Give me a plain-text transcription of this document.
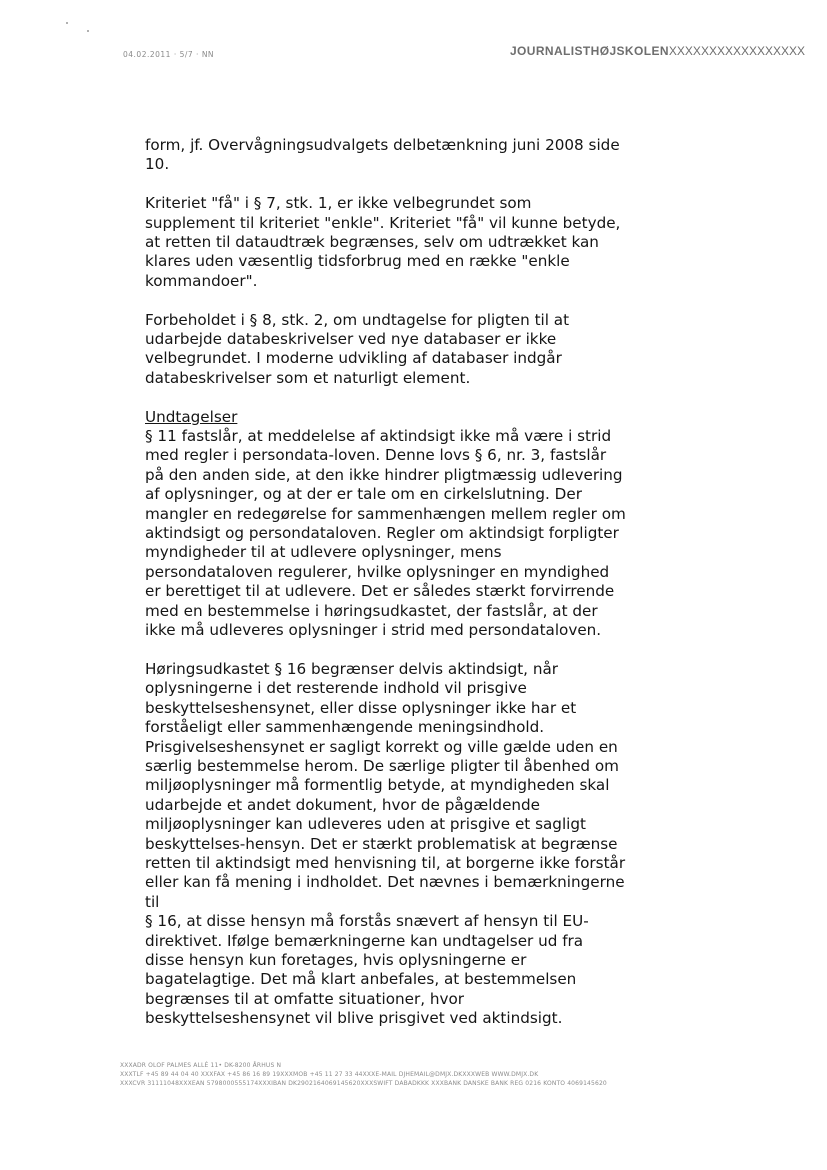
04.02.2011 · 5/7 · NN	JOURNALISTHØJSKOLENXXXXXXXXXXXXXXXXX
form, jf. Overvågningsudvalgets delbetænkning juni 2008 side
10.
Kriteriet "få" i § 7, stk. 1, er ikke velbegrundet som
supplement til kriteriet "enkle". Kriteriet "få" vil kunne betyde,
at retten til dataudtræk begrænses, selv om udtrækket kan
klares uden væsentlig tidsforbrug med en række "enkle
kommandoer".
Forbeholdet i § 8, stk. 2, om undtagelse for pligten til at
udarbejde databeskrivelser ved nye databaser er ikke
velbegrundet. I moderne udvikling af databaser indgår
databeskrivelser som et naturligt element.
Undtagelser
§ 11 fastslår, at meddelelse af aktindsigt ikke må være i strid
med regler i persondata-loven. Denne lovs § 6, nr. 3, fastslår
på den anden side, at den ikke hindrer pligtmæssig udlevering
af oplysninger, og at der er tale om en cirkelslutning. Der
mangler en redegørelse for sammenhængen mellem regler om
aktindsigt og persondataloven. Regler om aktindsigt forpligter
myndigheder til at udlevere oplysninger, mens
persondataloven regulerer, hvilke oplysninger en myndighed
er berettiget til at udlevere. Det er således stærkt forvirrende
med en bestemmelse i høringsudkastet, der fastslår, at der
ikke må udleveres oplysninger i strid med persondataloven.
Høringsudkastet § 16 begrænser delvis aktindsigt, når
oplysningerne i det resterende indhold vil prisgive
beskyttelseshensynet, eller disse oplysninger ikke har et
forståeligt eller sammenhængende meningsindhold.
Prisgivelseshensynet er sagligt korrekt og ville gælde uden en
særlig bestemmelse herom. De særlige pligter til åbenhed om
miljøoplysninger må formentlig betyde, at myndigheden skal
udarbejde et andet dokument, hvor de pågældende
miljøoplysninger kan udleveres uden at prisgive et sagligt
beskyttelses-hensyn. Det er stærkt problematisk at begrænse
retten til aktindsigt med henvisning til, at borgerne ikke forstår
eller kan få mening i indholdet. Det nævnes i bemærkningerne
til
§ 16, at disse hensyn må forstås snævert af hensyn til EU-
direktivet. Ifølge bemærkningerne kan undtagelser ud fra
disse hensyn kun foretages, hvis oplysningerne er
bagatelagtige. Det må klart anbefales, at bestemmelsen
begrænses til at omfatte situationer, hvor
beskyttelseshensynet vil blive prisgivet ved aktindsigt.
XXXADR OLOF PALMES ALLÉ 11• DK-8200 ÅRHUS N
XXXTLF +45 89 44 04 40 XXXFAX +45 86 16 89 19XXXMOB +45 11 27 33 44XXXE-MAIL DJHEMAIL@DMJX.DKXXXWEB WWW.DMJX.DK
XXXCVR 31111048XXXEAN 5798000555174XXXIBAN DK2902164069145620XXXSWIFT DABADKKK XXXBANK DANSKE BANK REG 0216 KONTO 4069145620
